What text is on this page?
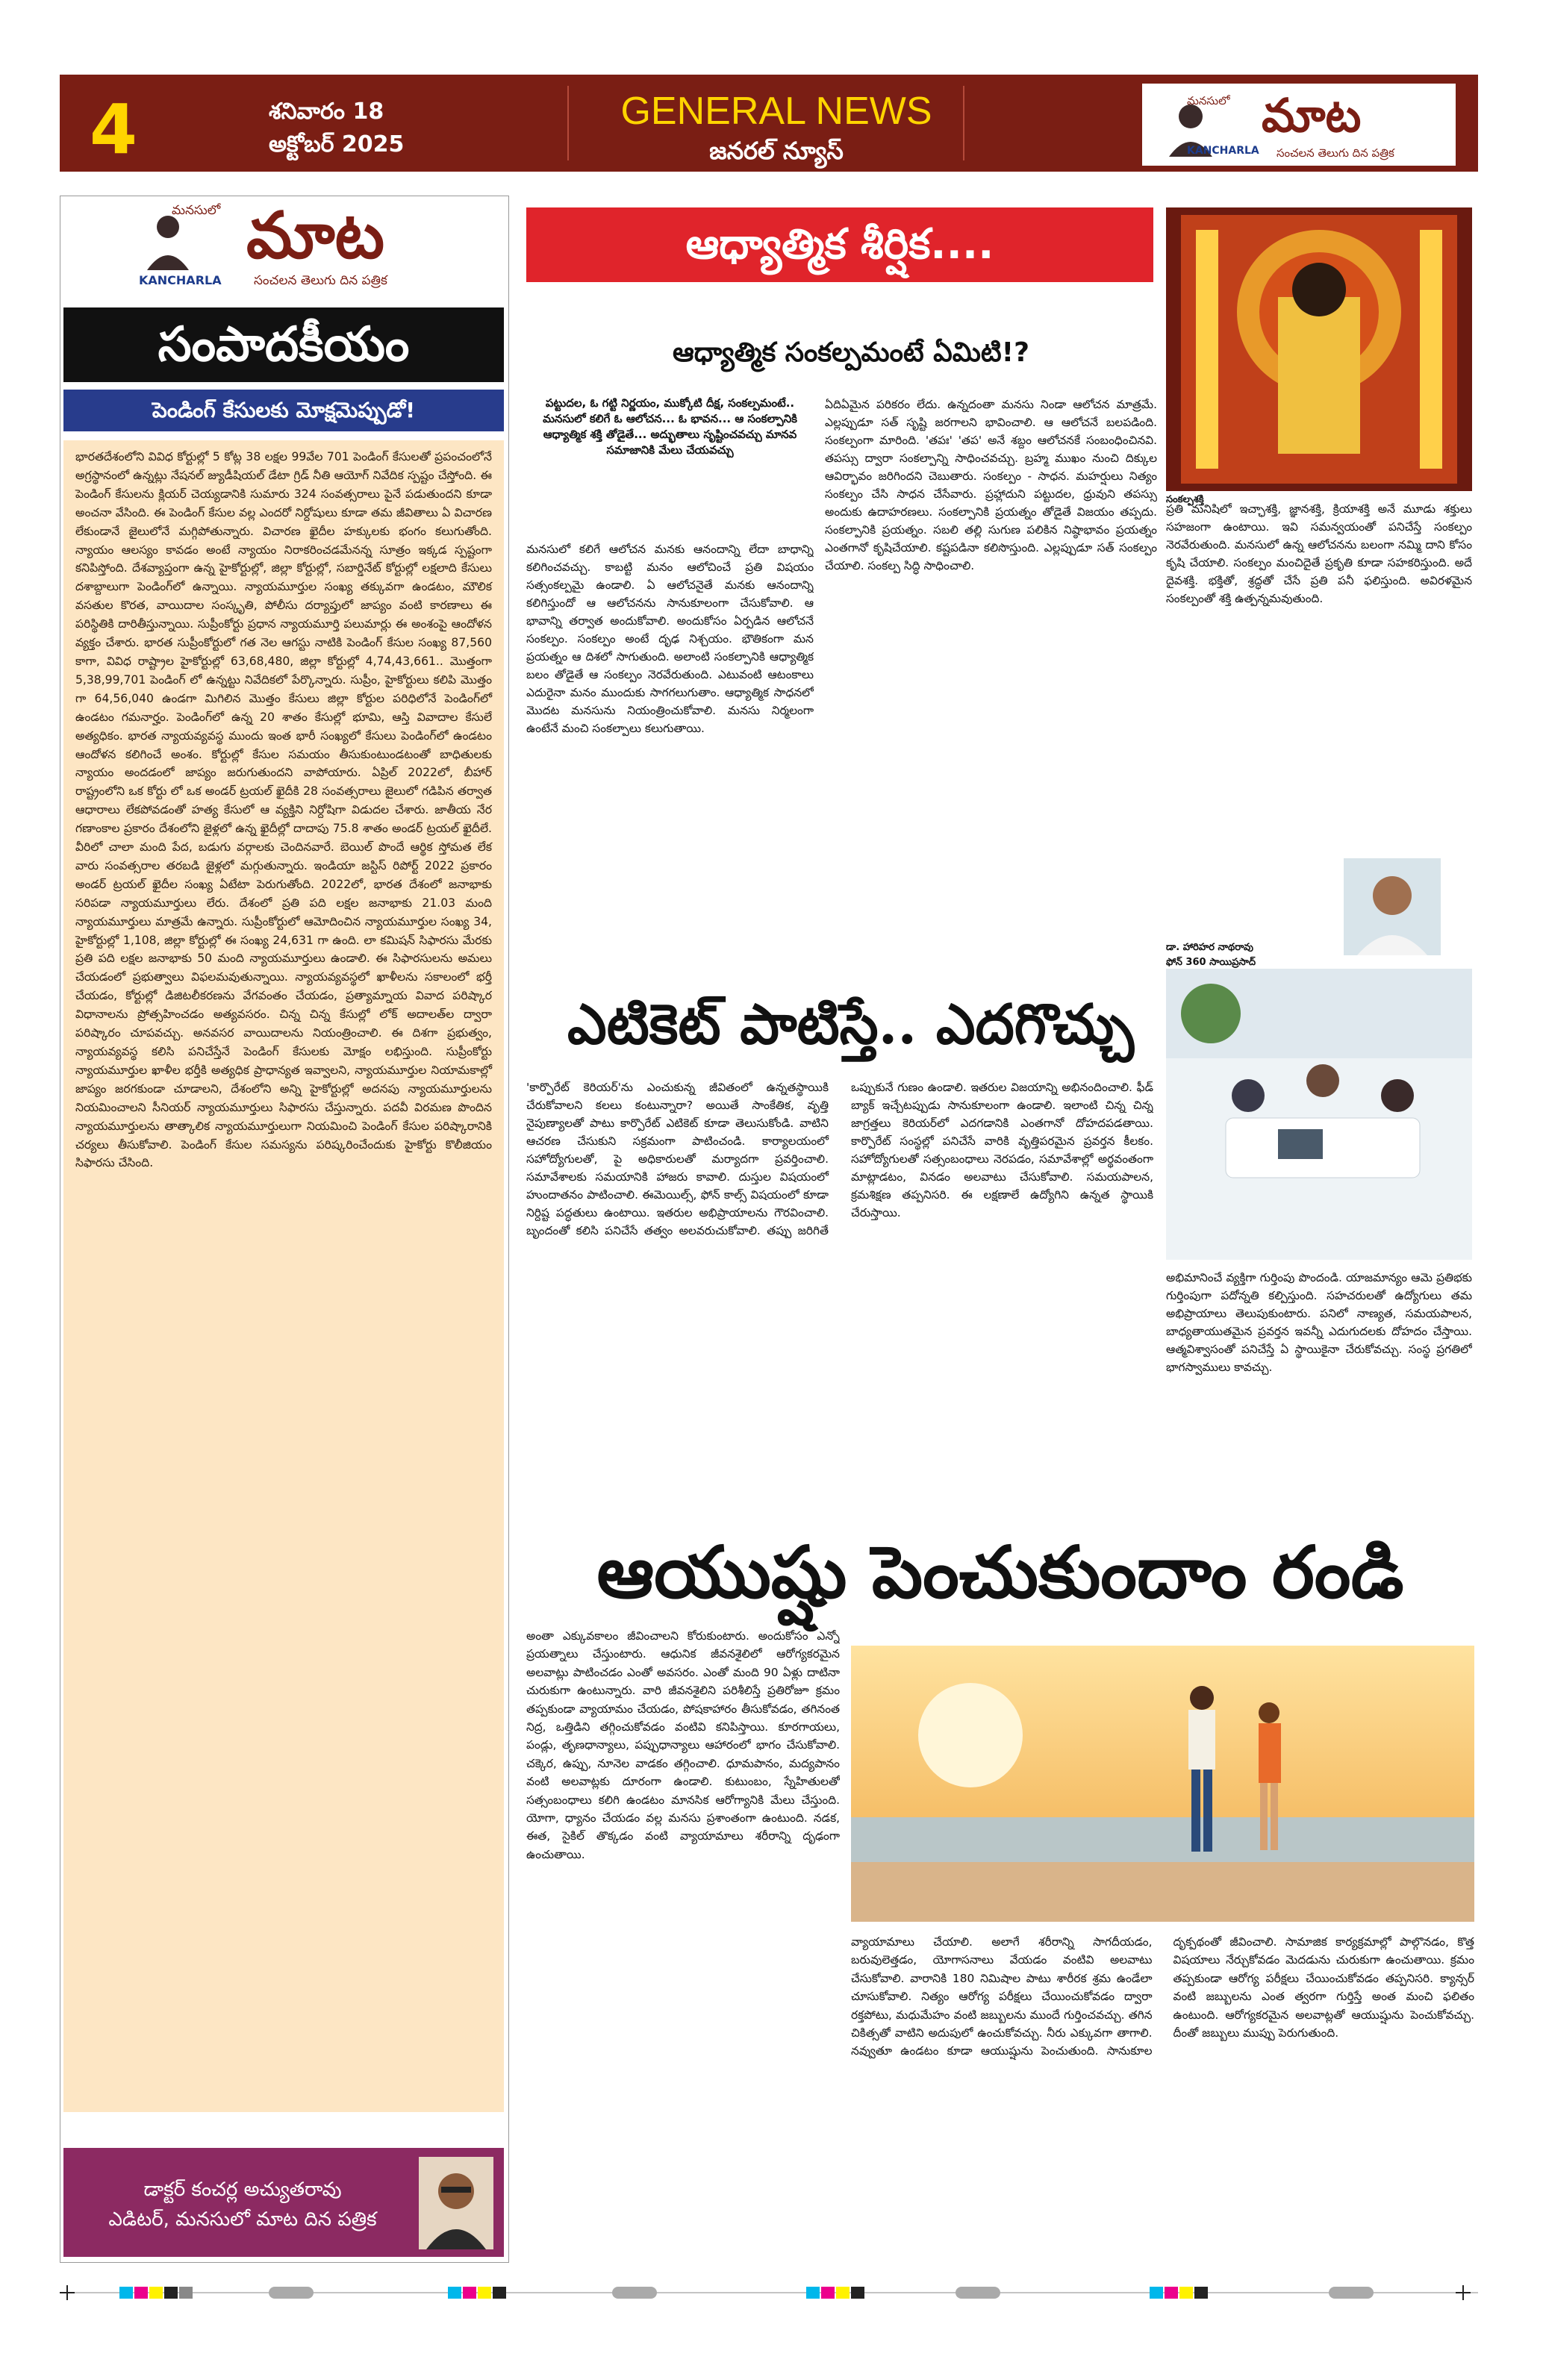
4	శనివారం 18
అక్టోబర్ 2025
GENERAL NEWS
జనరల్ న్యూస్
మనసులో మాట
KANCHARLA సంచలన తెలుగు దిన పత్రిక
మనసులో మాట
KANCHARLA	సంచలన తెలుగు దిన పత్రిక
సంపాదకీయం
పెండింగ్ కేసులకు మోక్షమెప్పుడో!
భారతదేశంలోని వివిధ కోర్టుల్లో 5 కోట్ల 38 లక్షల 99వేల 701 పెండింగ్ కేసులతో ప్రపంచంలోనే అగ్రస్థానంలో ఉన్నట్లు నేషనల్ జ్యుడీషియల్ డేటా గ్రిడ్ నీతి ఆయోగ్ నివేదిక స్పష్టం చేస్తోంది. ఈ పెండింగ్ కేసులను క్లియర్ చెయ్యడానికి సుమారు 324 సంవత్సరాలు పైనే పడుతుందని కూడా అంచనా వేసింది. ఈ పెండింగ్ కేసుల వల్ల ఎందరో నిర్దోషులు కూడా తమ జీవితాలు ఏ విచారణ లేకుండానే జైలులోనే మగ్గిపోతున్నారు. విచారణ ఖైదీల హక్కులకు భంగం కలుగుతోంది. న్యాయం ఆలస్యం కావడం అంటే న్యాయం నిరాకరించడమేనన్న సూత్రం ఇక్కడ స్పష్టంగా కనిపిస్తోంది. దేశవ్యాప్తంగా ఉన్న హైకోర్టుల్లో, జిల్లా కోర్టుల్లో, సబార్డినేట్ కోర్టుల్లో లక్షలాది కేసులు దశాబ్దాలుగా పెండింగ్‌లో ఉన్నాయి. న్యాయమూర్తుల సంఖ్య తక్కువగా ఉండటం, మౌలిక వసతుల కొరత, వాయిదాల సంస్కృతి, పోలీసు దర్యాప్తులో జాప్యం వంటి కారణాలు ఈ పరిస్థితికి దారితీస్తున్నాయి. సుప్రీంకోర్టు ప్రధాన న్యాయమూర్తి పలుమార్లు ఈ అంశంపై ఆందోళన వ్యక్తం చేశారు. భారత సుప్రీంకోర్టులో గత నెల ఆగస్టు నాటికి పెండింగ్ కేసుల సంఖ్య 87,560 కాగా, వివిధ రాష్ట్రాల హైకోర్టుల్లో 63,68,480, జిల్లా కోర్టుల్లో 4,74,43,661.. మొత్తంగా 5,38,99,701 పెండింగ్ లో ఉన్నట్టు నివేదికలో పేర్కొన్నారు. సుప్రీం, హైకోర్టులు కలిపి మొత్తం గా 64,56,040 ఉండగా మిగిలిన మొత్తం కేసులు జిల్లా కోర్టుల పరిధిలోనే పెండింగ్‌లో ఉండటం గమనార్హం. పెండింగ్‌లో ఉన్న 20 శాతం కేసుల్లో భూమి, ఆస్తి వివాదాల కేసులే అత్యధికం. భారత న్యాయవ్యవస్థ ముందు ఇంత భారీ సంఖ్యలో కేసులు పెండింగ్‌లో ఉండటం ఆందోళన కలిగించే అంశం. కోర్టుల్లో కేసుల సమయం తీసుకుంటుండటంతో బాధితులకు న్యాయం అందడంలో జాప్యం జరుగుతుందని వాపోయారు. ఏప్రిల్ 2022లో, బీహార్ రాష్ట్రంలోని ఒక కోర్టు లో ఒక అండర్ ట్రయల్ ఖైదీకి 28 సంవత్సరాలు జైలులో గడిపిన తర్వాత ఆధారాలు లేకపోవడంతో హత్య కేసులో ఆ వ్యక్తిని నిర్దోషిగా విడుదల చేశారు. జాతీయ నేర గణాంకాల ప్రకారం దేశంలోని జైళ్లలో ఉన్న ఖైదీల్లో దాదాపు 75.8 శాతం అండర్ ట్రయల్ ఖైదీలే. వీరిలో చాలా మంది పేద, బడుగు వర్గాలకు చెందినవారే. బెయిల్ పొందే ఆర్థిక స్తోమత లేక వారు సంవత్సరాల తరబడి జైళ్లలో మగ్గుతున్నారు. ఇండియా జస్టిస్ రిపోర్ట్ 2022 ప్రకారం అండర్ ట్రయల్ ఖైదీల సంఖ్య ఏటేటా పెరుగుతోంది. 2022లో, భారత దేశంలో జనాభాకు సరిపడా న్యాయమూర్తులు లేరు. దేశంలో ప్రతి పది లక్షల జనాభాకు 21.03 మంది న్యాయమూర్తులు మాత్రమే ఉన్నారు. సుప్రీంకోర్టులో ఆమోదించిన న్యాయమూర్తుల సంఖ్య 34, హైకోర్టుల్లో 1,108, జిల్లా కోర్టుల్లో ఈ సంఖ్య 24,631 గా ఉంది. లా కమిషన్ సిఫారసు మేరకు ప్రతి పది లక్షల జనాభాకు 50 మంది న్యాయమూర్తులు ఉండాలి. ఈ సిఫారసులను అమలు చేయడంలో ప్రభుత్వాలు విఫలమవుతున్నాయి. న్యాయవ్యవస్థలో ఖాళీలను సకాలంలో భర్తీ చేయడం, కోర్టుల్లో డిజిటలీకరణను వేగవంతం చేయడం, ప్రత్యామ్నాయ వివాద పరిష్కార విధానాలను ప్రోత్సహించడం అత్యవసరం. చిన్న చిన్న కేసుల్లో లోక్ అదాలత్‌ల ద్వారా పరిష్కారం చూపవచ్చు. అనవసర వాయిదాలను నియంత్రించాలి. ఈ దిశగా ప్రభుత్వం, న్యాయవ్యవస్థ కలిసి పనిచేస్తేనే పెండింగ్ కేసులకు మోక్షం లభిస్తుంది. సుప్రీంకోర్టు న్యాయమూర్తుల ఖాళీల భర్తీకి అత్యధిక ప్రాధాన్యత ఇవ్వాలని, న్యాయమూర్తుల నియామకాల్లో జాప్యం జరగకుండా చూడాలని, దేశంలోని అన్ని హైకోర్టుల్లో అదనపు న్యాయమూర్తులను నియమించాలని సీనియర్ న్యాయమూర్తులు సిఫారసు చేస్తున్నారు. పదవీ విరమణ పొందిన న్యాయమూర్తులను తాత్కాలిక న్యాయమూర్తులుగా నియమించి పెండింగ్ కేసుల పరిష్కారానికి చర్యలు తీసుకోవాలి. పెండింగ్ కేసుల సమస్యను పరిష్కరించేందుకు హైకోర్టు కొలీజియం సిఫారసు చేసింది.
డాక్టర్ కంచర్ల అచ్యుతరావు
ఎడిటర్, మనసులో మాట దిన పత్రిక
ఆధ్యాత్మిక శీర్షిక....
ఆధ్యాత్మిక సంకల్పమంటే ఏమిటి!?
పట్టుదల, ఓ గట్టి నిర్ణయం, ముక్కోటి దీక్ష, సంకల్పమంటే.. మనసులో కలిగే ఓ ఆలోచన... ఓ భావన... ఆ సంకల్పానికి ఆధ్యాత్మిక శక్తి తోడైతే... అద్భుతాలు సృష్టించవచ్చు మానవ సమాజానికి మేలు చేయవచ్చు
మనసులో కలిగే ఆలోచన మనకు ఆనందాన్ని లేదా బాధాన్ని కలిగించవచ్చు. కాబట్టి మనం ఆలోచించే ప్రతి విషయం సత్సంకల్పమై ఉండాలి. ఏ ఆలోచనైతే మనకు ఆనందాన్ని కలిగిస్తుందో ఆ ఆలోచనను సానుకూలంగా చేసుకోవాలి. ఆ భావాన్ని తర్వాత అందుకోవాలి. అందుకోసం ఏర్పడిన ఆలోచనే సంకల్పం. సంకల్పం అంటే దృఢ నిశ్చయం. భౌతికంగా మన ప్రయత్నం ఆ దిశలో సాగుతుంది. అలాంటి సంకల్పానికి ఆధ్యాత్మిక బలం తోడైతే ఆ సంకల్పం నెరవేరుతుంది. ఎటువంటి ఆటంకాలు ఎదురైనా మనం ముందుకు సాగగలుగుతాం. ఆధ్యాత్మిక సాధనలో మొదట మనసును నియంత్రించుకోవాలి. మనసు నిర్మలంగా ఉంటేనే మంచి సంకల్పాలు కలుగుతాయి.
ఏదిఏమైన పరికరం లేదు. ఉన్నదంతా మనసు నిండా ఆలోచన మాత్రమే. ఎల్లప్పుడూ సత్ సృష్టి జరగాలని భావించాలి. ఆ ఆలోచనే బలపడింది. సంకల్పంగా మారింది. 'తపః' 'తప' అనే శబ్దం ఆలోచనకే సంబంధించినవి. తపస్సు ద్వారా సంకల్పాన్ని సాధించవచ్చు. బ్రహ్మ ముఖం నుంచి దిక్కుల ఆవిర్భావం జరిగిందని చెబుతారు. సంకల్పం - సాధన. మహర్షులు నిత్యం సంకల్పం చేసి సాధన చేసేవారు. ప్రహ్లాదుని పట్టుదల, ధ్రువుని తపస్సు అందుకు ఉదాహరణలు. సంకల్పానికి ప్రయత్నం తోడైతే విజయం తప్పదు. సంకల్పానికి ప్రయత్నం. సబలి తల్లి సుగుణ పలికిన నిష్ఠాభావం ప్రయత్నం ఎంతగానో కృషిచేయాలి. కష్టపడినా కలిసొస్తుంది. ఎల్లప్పుడూ సత్ సంకల్పం చేయాలి. సంకల్ప సిద్ధి సాధించాలి.
సంకల్పశక్తి
ప్రతి మనిషిలో ఇచ్ఛాశక్తి, జ్ఞానశక్తి, క్రియాశక్తి అనే మూడు శక్తులు సహజంగా ఉంటాయి. ఇవి సమన్వయంతో పనిచేస్తే సంకల్పం నెరవేరుతుంది. మనసులో ఉన్న ఆలోచనను బలంగా నమ్మి దాని కోసం కృషి చేయాలి. సంకల్పం మంచిదైతే ప్రకృతి కూడా సహకరిస్తుంది. అదే దైవశక్తి. భక్తితో, శ్రద్ధతో చేసే ప్రతి పనీ ఫలిస్తుంది. అవిరళమైన సంకల్పంతో శక్తి ఉత్పన్నమవుతుంది.
డా. హారిహర నాథరావు
ఫోన్ 360 సాయిప్రసాద్
ఎటికెట్ పాటిస్తే.. ఎదగొచ్చు
'కార్పొరేట్ కెరియర్'ను ఎంచుకున్న జీవితంలో ఉన్నతస్థాయికి చేరుకోవాలని కలలు కంటున్నారా? అయితే సాంకేతిక, వృత్తి నైపుణ్యాలతో పాటు కార్పొరేట్ ఎటికెట్ కూడా తెలుసుకోండి. వాటిని ఆచరణ చేసుకుని సక్రమంగా పాటించండి. కార్యాలయంలో సహోద్యోగులతో, పై అధికారులతో మర్యాదగా ప్రవర్తించాలి. సమావేశాలకు సమయానికి హాజరు కావాలి. దుస్తుల విషయంలో హుందాతనం పాటించాలి. ఈమెయిల్స్, ఫోన్ కాల్స్ విషయంలో కూడా నిర్దిష్ట పద్ధతులు ఉంటాయి. ఇతరుల అభిప్రాయాలను గౌరవించాలి. బృందంతో కలిసి పనిచేసే తత్వం అలవరుచుకోవాలి. తప్పు జరిగితే ఒప్పుకునే గుణం ఉండాలి. ఇతరుల విజయాన్ని అభినందించాలి. ఫీడ్ బ్యాక్ ఇచ్చేటప్పుడు సానుకూలంగా ఉండాలి. ఇలాంటి చిన్న చిన్న జాగ్రత్తలు కెరియర్‌లో ఎదగడానికి ఎంతగానో దోహదపడతాయి. కార్పొరేట్ సంస్థల్లో పనిచేసే వారికి వృత్తిపరమైన ప్రవర్తన కీలకం. సహోద్యోగులతో సత్సంబంధాలు నెరపడం, సమావేశాల్లో అర్థవంతంగా మాట్లాడటం, వినడం అలవాటు చేసుకోవాలి. సమయపాలన, క్రమశిక్షణ తప్పనిసరి. ఈ లక్షణాలే ఉద్యోగిని ఉన్నత స్థాయికి చేరుస్తాయి.
అభిమానించే వ్యక్తిగా గుర్తింపు పొందండి. యాజమాన్యం ఆమె ప్రతిభకు గుర్తింపుగా పదోన్నతి కల్పిస్తుంది. సహచరులతో ఉద్యోగులు తమ అభిప్రాయాలు తెలుపుకుంటారు. పనిలో నాణ్యత, సమయపాలన, బాధ్యతాయుతమైన ప్రవర్తన ఇవన్నీ ఎదుగుదలకు దోహదం చేస్తాయి. ఆత్మవిశ్వాసంతో పనిచేస్తే ఏ స్థాయికైనా చేరుకోవచ్చు. సంస్థ ప్రగతిలో భాగస్వాములు కావచ్చు.
ఆయుష్షు పెంచుకుందాం రండి
అంతా ఎక్కువకాలం జీవించాలని కోరుకుంటారు. అందుకోసం ఎన్నో ప్రయత్నాలు చేస్తుంటారు. ఆధునిక జీవనశైలిలో ఆరోగ్యకరమైన అలవాట్లు పాటించడం ఎంతో అవసరం. ఎంతో మంది 90 ఏళ్లు దాటినా చురుకుగా ఉంటున్నారు. వారి జీవనశైలిని పరిశీలిస్తే ప్రతిరోజూ క్రమం తప్పకుండా వ్యాయామం చేయడం, పోషకాహారం తీసుకోవడం, తగినంత నిద్ర, ఒత్తిడిని తగ్గించుకోవడం వంటివి కనిపిస్తాయి. కూరగాయలు, పండ్లు, తృణధాన్యాలు, పప్పుధాన్యాలు ఆహారంలో భాగం చేసుకోవాలి. చక్కెర, ఉప్పు, నూనెల వాడకం తగ్గించాలి. ధూమపానం, మద్యపానం వంటి అలవాట్లకు దూరంగా ఉండాలి. కుటుంబం, స్నేహితులతో సత్సంబంధాలు కలిగి ఉండటం మానసిక ఆరోగ్యానికి మేలు చేస్తుంది. యోగా, ధ్యానం చేయడం వల్ల మనసు ప్రశాంతంగా ఉంటుంది. నడక, ఈత, సైకిల్ తొక్కడం వంటి వ్యాయామాలు శరీరాన్ని దృఢంగా ఉంచుతాయి.
వ్యాయామాలు చేయాలి. అలాగే శరీరాన్ని సాగదీయడం, బరువులెత్తడం, యోగాసనాలు వేయడం వంటివి అలవాటు చేసుకోవాలి. వారానికి 180 నిమిషాల పాటు శారీరక శ్రమ ఉండేలా చూసుకోవాలి. నిత్యం ఆరోగ్య పరీక్షలు చేయించుకోవడం ద్వారా రక్తపోటు, మధుమేహం వంటి జబ్బులను ముందే గుర్తించవచ్చు. తగిన చికిత్సతో వాటిని అదుపులో ఉంచుకోవచ్చు. నీరు ఎక్కువగా తాగాలి. నవ్వుతూ ఉండటం కూడా ఆయుష్షును పెంచుతుంది. సానుకూల దృక్పథంతో జీవించాలి. సామాజిక కార్యక్రమాల్లో పాల్గొనడం, కొత్త విషయాలు నేర్చుకోవడం మెదడును చురుకుగా ఉంచుతాయి. క్రమం తప్పకుండా ఆరోగ్య పరీక్షలు చేయించుకోవడం తప్పనిసరి. క్యాన్సర్ వంటి జబ్బులను ఎంత త్వరగా గుర్తిస్తే అంత మంచి ఫలితం ఉంటుంది. ఆరోగ్యకరమైన అలవాట్లతో ఆయుష్షును పెంచుకోవచ్చు. దీంతో జబ్బులు ముప్పు పెరుగుతుంది.
